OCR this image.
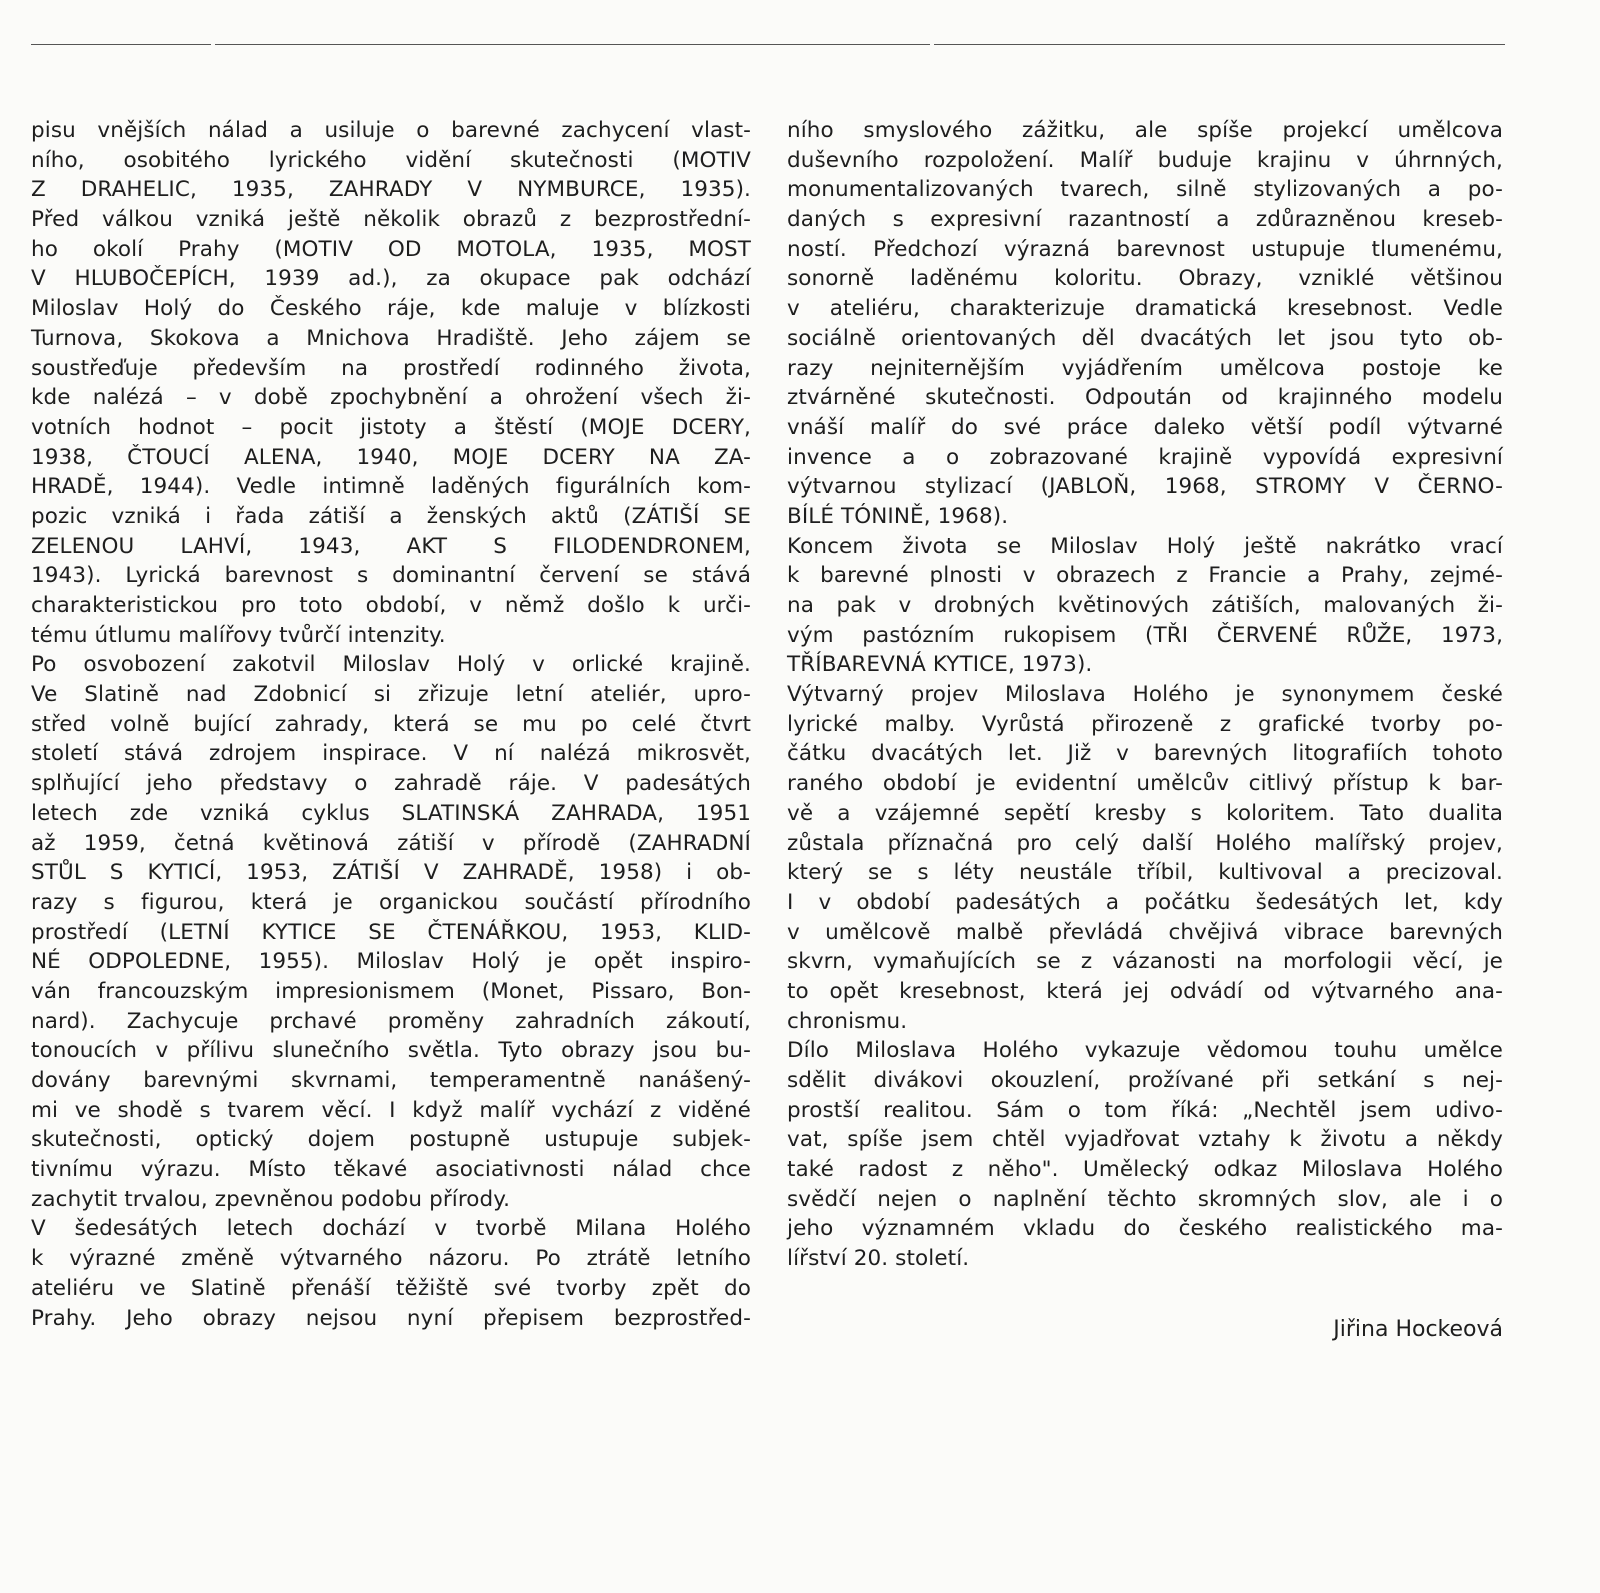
pisu vnějších nálad a usiluje o barevné zachycení vlast-
ního, osobitého lyrického vidění skutečnosti (MOTIV
Z DRAHELIC, 1935, ZAHRADY V NYMBURCE, 1935).
Před válkou vzniká ještě několik obrazů z bezprostřední-
ho okolí Prahy (MOTIV OD MOTOLA, 1935, MOST
V HLUBOČEPÍCH, 1939 ad.), za okupace pak odchází
Miloslav Holý do Českého ráje, kde maluje v blízkosti
Turnova, Skokova a Mnichova Hradiště. Jeho zájem se
soustřeďuje především na prostředí rodinného života,
kde nalézá – v době zpochybnění a ohrožení všech ži-
votních hodnot – pocit jistoty a štěstí (MOJE DCERY,
1938, ČTOUCÍ ALENA, 1940, MOJE DCERY NA ZA-
HRADĚ, 1944). Vedle intimně laděných figurálních kom-
pozic vzniká i řada zátiší a ženských aktů (ZÁTIŠÍ SE
ZELENOU LAHVÍ, 1943, AKT S FILODENDRONEM,
1943). Lyrická barevnost s dominantní červení se stává
charakteristickou pro toto období, v němž došlo k urči-
tému útlumu malířovy tvůrčí intenzity.
Po osvobození zakotvil Miloslav Holý v orlické krajině.
Ve Slatině nad Zdobnicí si zřizuje letní ateliér, upro-
střed volně bující zahrady, která se mu po celé čtvrt
století stává zdrojem inspirace. V ní nalézá mikrosvět,
splňující jeho představy o zahradě ráje. V padesátých
letech zde vzniká cyklus SLATINSKÁ ZAHRADA, 1951
až 1959, četná květinová zátiší v přírodě (ZAHRADNÍ
STŮL S KYTICÍ, 1953, ZÁTIŠÍ V ZAHRADĚ, 1958) i ob-
razy s figurou, která je organickou součástí přírodního
prostředí (LETNÍ KYTICE SE ČTENÁŘKOU, 1953, KLID-
NÉ ODPOLEDNE, 1955). Miloslav Holý je opět inspiro-
ván francouzským impresionismem (Monet, Pissaro, Bon-
nard). Zachycuje prchavé proměny zahradních zákoutí,
tonoucích v přílivu slunečního světla. Tyto obrazy jsou bu-
dovány barevnými skvrnami, temperamentně nanášený-
mi ve shodě s tvarem věcí. I když malíř vychází z viděné
skutečnosti, optický dojem postupně ustupuje subjek-
tivnímu výrazu. Místo těkavé asociativnosti nálad chce
zachytit trvalou, zpevněnou podobu přírody.
V šedesátých letech dochází v tvorbě Milana Holého
k výrazné změně výtvarného názoru. Po ztrátě letního
ateliéru ve Slatině přenáší těžiště své tvorby zpět do
Prahy. Jeho obrazy nejsou nyní přepisem bezprostřed-
ního smyslového zážitku, ale spíše projekcí umělcova
duševního rozpoložení. Malíř buduje krajinu v úhrnných,
monumentalizovaných tvarech, silně stylizovaných a po-
daných s expresivní razantností a zdůrazněnou kreseb-
ností. Předchozí výrazná barevnost ustupuje tlumenému,
sonorně laděnému koloritu. Obrazy, vzniklé většinou
v ateliéru, charakterizuje dramatická kresebnost. Vedle
sociálně orientovaných děl dvacátých let jsou tyto ob-
razy nejniternějším vyjádřením umělcova postoje ke
ztvárněné skutečnosti. Odpoután od krajinného modelu
vnáší malíř do své práce daleko větší podíl výtvarné
invence a o zobrazované krajině vypovídá expresivní
výtvarnou stylizací (JABLOŇ, 1968, STROMY V ČERNO-
BÍLÉ TÓNINĚ, 1968).
Koncem života se Miloslav Holý ještě nakrátko vrací
k barevné plnosti v obrazech z Francie a Prahy, zejmé-
na pak v drobných květinových zátiších, malovaných ži-
vým pastózním rukopisem (TŘI ČERVENÉ RŮŽE, 1973,
TŘÍBAREVNÁ KYTICE, 1973).
Výtvarný projev Miloslava Holého je synonymem české
lyrické malby. Vyrůstá přirozeně z grafické tvorby po-
čátku dvacátých let. Již v barevných litografiích tohoto
raného období je evidentní umělcův citlivý přístup k bar-
vě a vzájemné sepětí kresby s koloritem. Tato dualita
zůstala příznačná pro celý další Holého malířský projev,
který se s léty neustále tříbil, kultivoval a precizoval.
I v období padesátých a počátku šedesátých let, kdy
v umělcově malbě převládá chvějivá vibrace barevných
skvrn, vymaňujících se z vázanosti na morfologii věcí, je
to opět kresebnost, která jej odvádí od výtvarného ana-
chronismu.
Dílo Miloslava Holého vykazuje vědomou touhu umělce
sdělit divákovi okouzlení, prožívané při setkání s nej-
prostší realitou. Sám o tom říká: „Nechtěl jsem udivo-
vat, spíše jsem chtěl vyjadřovat vztahy k životu a někdy
také radost z něho". Umělecký odkaz Miloslava Holého
svědčí nejen o naplnění těchto skromných slov, ale i o
jeho významném vkladu do českého realistického ma-
lířství 20. století.
Jiřina Hockeová
